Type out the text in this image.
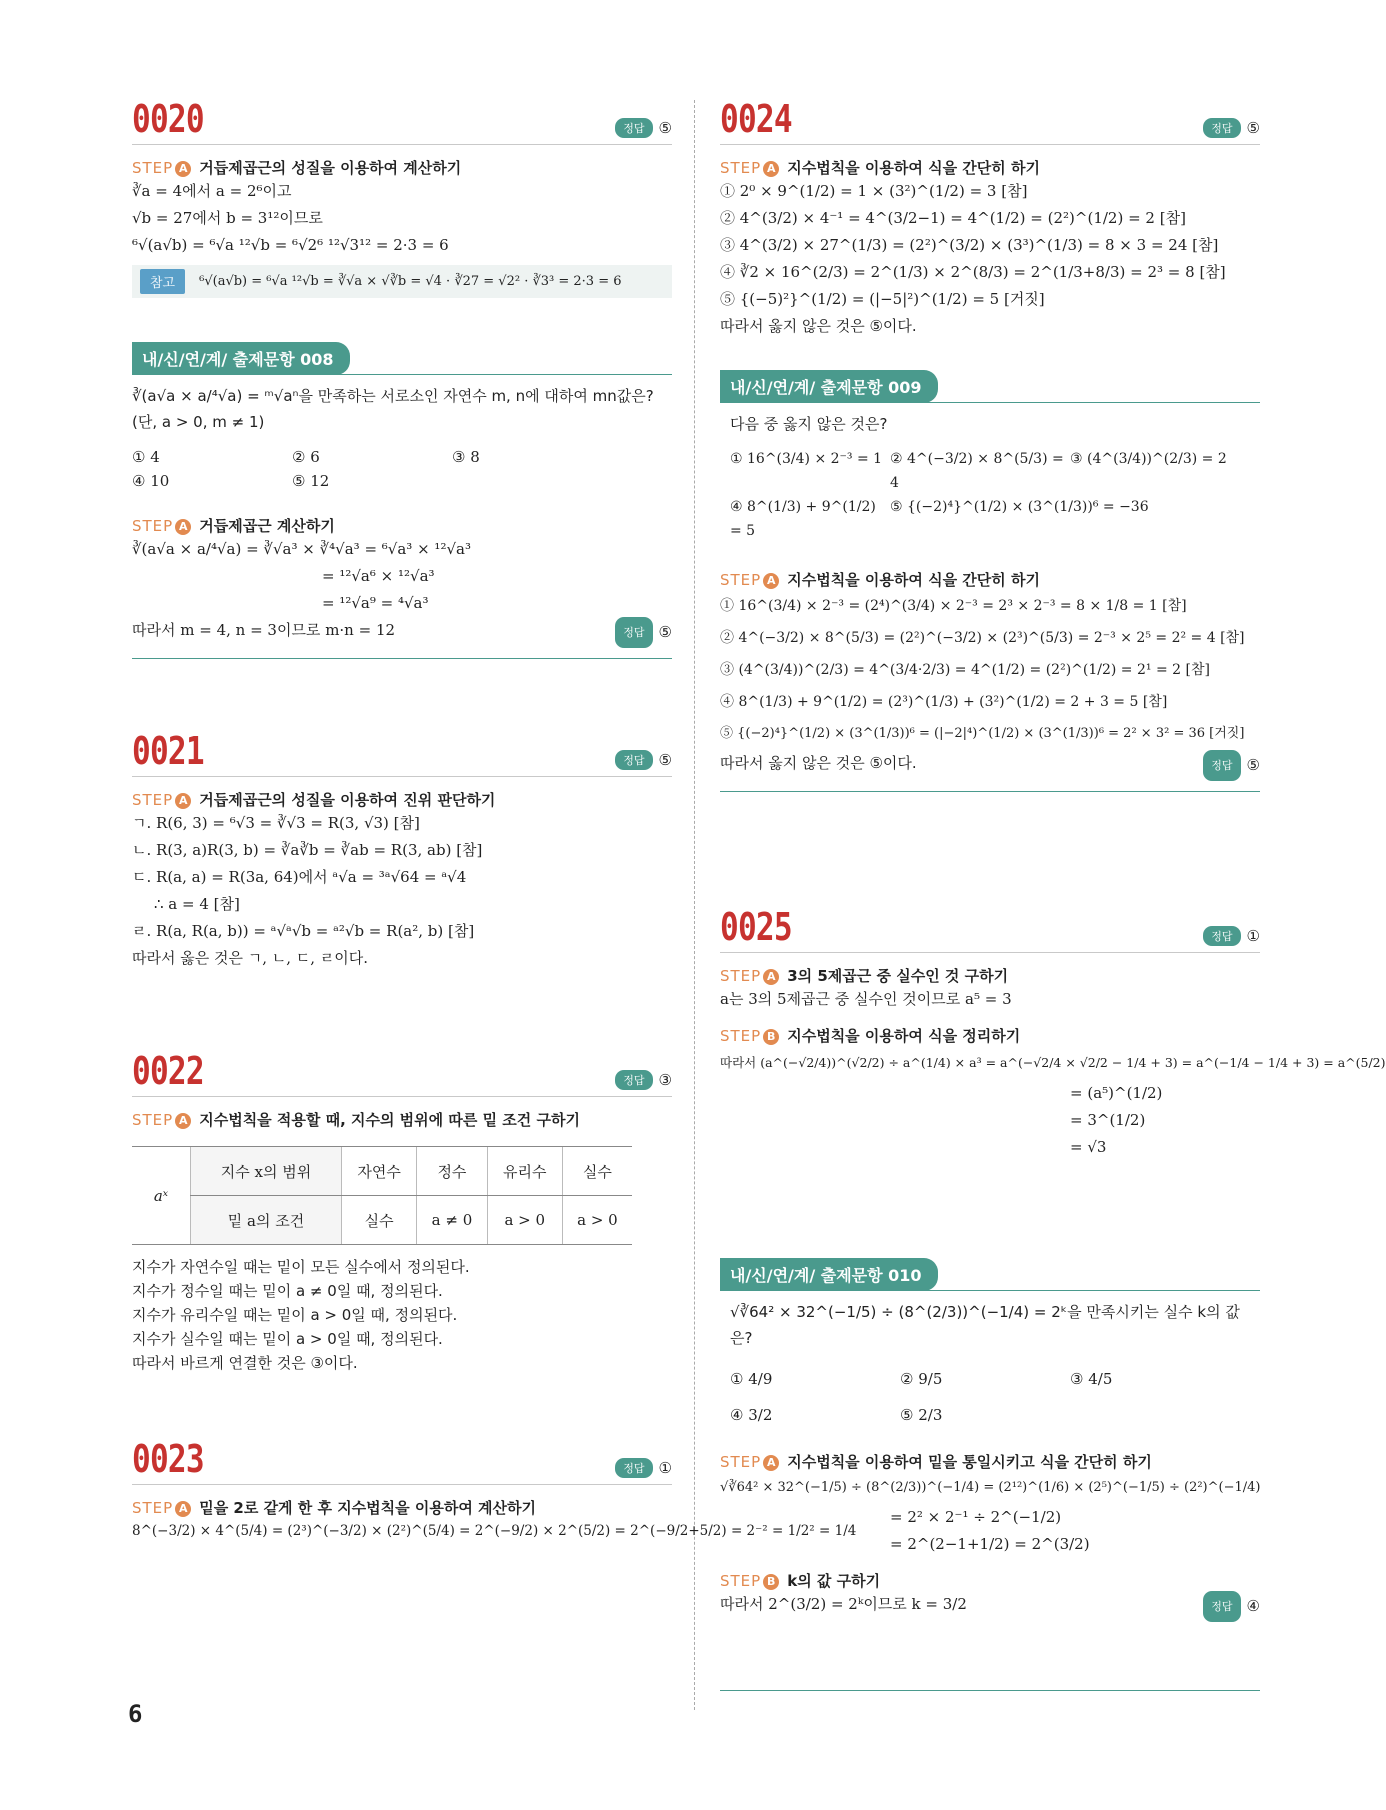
0020	정답 ⑤
STEP A 거듭제곱근의 성질을 이용하여 계산하기
∛a = 4에서 a = 2⁶이고
√b = 27에서 b = 3¹²이므로
⁶√(a√b) = ⁶√a ¹²√b = ⁶√2⁶ ¹²√3¹² = 2·3 = 6
참고	⁶√(a√b) = ⁶√a ¹²√b = ∛√a × √∛b = √4 · ∛27 = √2² · ∛3³ = 2·3 = 6
내/신/연/계/ 출제문항 008
∛(a√a × a/⁴√a) = ᵐ√aⁿ을 만족하는 서로소인 자연수 m, n에 대하여 mn값은? (단, a > 0, m ≠ 1)
① 4	② 6	③ 8
④ 10	⑤ 12
STEP A 거듭제곱근 계산하기
∛(a√a × a/⁴√a) = ∛√a³ × ∛⁴√a³ = ⁶√a³ × ¹²√a³
= ¹²√a⁶ × ¹²√a³
= ¹²√a⁹ = ⁴√a³
따라서 m = 4, n = 3이므로 m·n = 12	정답 ⑤
0021	정답 ⑤
STEP A 거듭제곱근의 성질을 이용하여 진위 판단하기
ㄱ. R(6, 3) = ⁶√3 = ∛√3 = R(3, √3) [참]
ㄴ. R(3, a)R(3, b) = ∛a∛b = ∛ab = R(3, ab) [참]
ㄷ. R(a, a) = R(3a, 64)에서 ᵃ√a = ³ᵃ√64 = ᵃ√4
∴ a = 4 [참]
ㄹ. R(a, R(a, b)) = ᵃ√ᵃ√b = ᵃ²√b = R(a², b) [참]
따라서 옳은 것은 ㄱ, ㄴ, ㄷ, ㄹ이다.
0022	정답 ③
STEP A 지수법칙을 적용할 때, 지수의 범위에 따른 밑 조건 구하기
aˣ	지수 x의 범위	자연수	정수	유리수	실수
	밑 a의 조건	실수	a ≠ 0	a > 0	a > 0
지수가 자연수일 때는 밑이 모든 실수에서 정의된다.
지수가 정수일 때는 밑이 a ≠ 0일 때, 정의된다.
지수가 유리수일 때는 밑이 a > 0일 때, 정의된다.
지수가 실수일 때는 밑이 a > 0일 때, 정의된다.
따라서 바르게 연결한 것은 ③이다.
0023	정답 ①
STEP A 밑을 2로 같게 한 후 지수법칙을 이용하여 계산하기
8^(−3/2) × 4^(5/4) = (2³)^(−3/2) × (2²)^(5/4) = 2^(−9/2) × 2^(5/2) = 2^(−9/2+5/2) = 2⁻² = 1/2² = 1/4
0024	정답 ⑤
STEP A 지수법칙을 이용하여 식을 간단히 하기
① 2⁰ × 9^(1/2) = 1 × (3²)^(1/2) = 3 [참]
② 4^(3/2) × 4⁻¹ = 4^(3/2−1) = 4^(1/2) = (2²)^(1/2) = 2 [참]
③ 4^(3/2) × 27^(1/3) = (2²)^(3/2) × (3³)^(1/3) = 8 × 3 = 24 [참]
④ ∛2 × 16^(2/3) = 2^(1/3) × 2^(8/3) = 2^(1/3+8/3) = 2³ = 8 [참]
⑤ {(−5)²}^(1/2) = (|−5|²)^(1/2) = 5 [거짓]
따라서 옳지 않은 것은 ⑤이다.
내/신/연/계/ 출제문항 009
다음 중 옳지 않은 것은?
① 16^(3/4) × 2⁻³ = 1 ② 4^(−3/2) × 8^(5/3) = 4
③ (4^(3/4))^(2/3) = 2
④ 8^(1/3) + 9^(1/2) = 5
⑤ {(−2)⁴}^(1/2) × (3^(1/3))⁶ = −36
STEP A 지수법칙을 이용하여 식을 간단히 하기
① 16^(3/4) × 2⁻³ = (2⁴)^(3/4) × 2⁻³ = 2³ × 2⁻³ = 8 × 1/8 = 1 [참]
② 4^(−3/2) × 8^(5/3) = (2²)^(−3/2) × (2³)^(5/3) = 2⁻³ × 2⁵ = 2² = 4 [참]
③ (4^(3/4))^(2/3) = 4^(3/4·2/3) = 4^(1/2) = (2²)^(1/2) = 2¹ = 2 [참]
④ 8^(1/3) + 9^(1/2) = (2³)^(1/3) + (3²)^(1/2) = 2 + 3 = 5 [참]
⑤ {(−2)⁴}^(1/2) × (3^(1/3))⁶ = (|−2|⁴)^(1/2) × (3^(1/3))⁶ = 2² × 3² = 36 [거짓]
따라서 옳지 않은 것은 ⑤이다.	정답 ⑤
0025	정답 ①
STEP A 3의 5제곱근 중 실수인 것 구하기
a는 3의 5제곱근 중 실수인 것이므로 a⁵ = 3
STEP B 지수법칙을 이용하여 식을 정리하기
따라서 (a^(−√2/4))^(√2/2) ÷ a^(1/4) × a³ = a^(−√2/4 × √2/2 − 1/4 + 3) = a^(−1/4 − 1/4 + 3) = a^(5/2)
= (a⁵)^(1/2)
= 3^(1/2)
= √3
내/신/연/계/ 출제문항 010
√∛64² × 32^(−1/5) ÷ (8^(2/3))^(−1/4) = 2ᵏ을 만족시키는 실수 k의 값은?
① 4/9	② 9/5	③ 4/5
④ 3/2	⑤ 2/3
STEP A 지수법칙을 이용하여 밑을 통일시키고 식을 간단히 하기
√∛64² × 32^(−1/5) ÷ (8^(2/3))^(−1/4) = (2¹²)^(1/6) × (2⁵)^(−1/5) ÷ (2²)^(−1/4)
= 2² × 2⁻¹ ÷ 2^(−1/2)
= 2^(2−1+1/2) = 2^(3/2)
STEP B k의 값 구하기
따라서 2^(3/2) = 2ᵏ이므로 k = 3/2	정답 ④
6
